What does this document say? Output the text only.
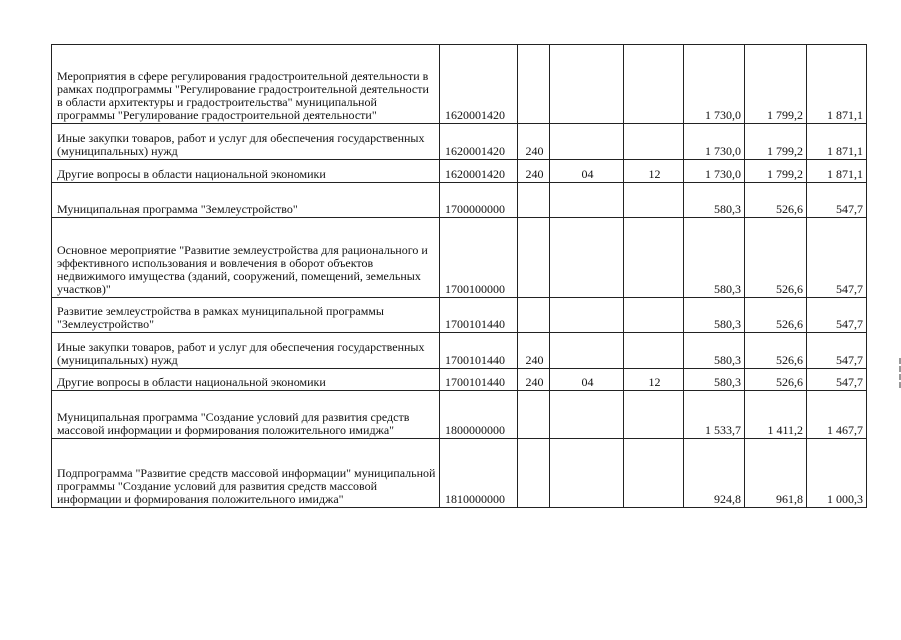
Мероприятия в сфере регулирования градостроительной деятельности в рамках подпрограммы "Регулирование градостроительной деятельности в области архитектуры и градостроительства" муниципальной программы "Регулирование градостроительной деятельности"	1620001420				1 730,0	1 799,2	1 871,1
Иные закупки товаров, работ и услуг для обеспечения государственных (муниципальных) нужд	1620001420	240			1 730,0	1 799,2	1 871,1
Другие вопросы в области национальной экономики	1620001420	240	04	12	1 730,0	1 799,2	1 871,1
Муниципальная программа "Землеустройство"	1700000000				580,3	526,6	547,7
Основное мероприятие "Развитие землеустройства для рационального и эффективного использования и вовлечения в оборот объектов недвижимого имущества (зданий, сооружений, помещений, земельных участков)"	1700100000				580,3	526,6	547,7
Развитие землеустройства в рамках муниципальной программы "Землеустройство"	1700101440				580,3	526,6	547,7
Иные закупки товаров, работ и услуг для обеспечения государственных (муниципальных) нужд	1700101440	240			580,3	526,6	547,7
Другие вопросы в области национальной экономики	1700101440	240	04	12	580,3	526,6	547,7
Муниципальная программа "Создание условий для развития средств массовой информации и формирования положительного имиджа"	1800000000				1 533,7	1 411,2	1 467,7
Подпрограмма "Развитие средств массовой информации" муниципальной программы "Создание условий для развития средств массовой информации и формирования положительного имиджа"	1810000000				924,8	961,8	1 000,3
